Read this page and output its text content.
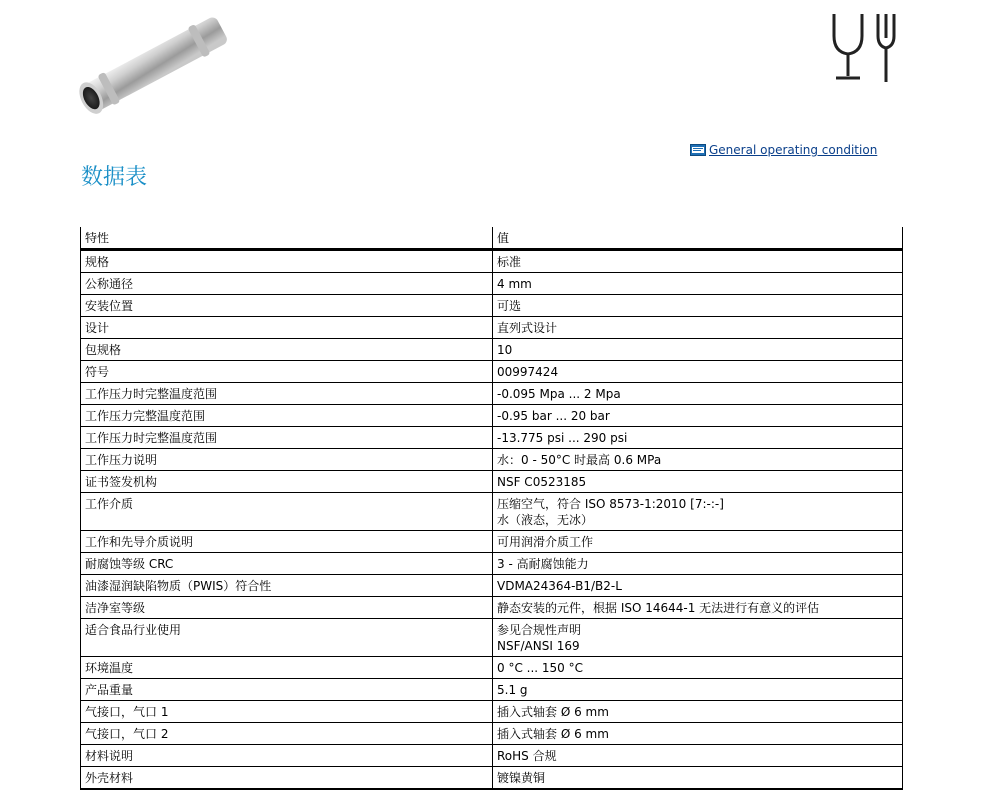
General operating condition
数据表
特性	值
规格	标准

公称通径	4 mm

安装位置	可选

设计	直列式设计

包规格	10

符号	00997424

工作压力时完整温度范围	-0.095 Mpa ... 2 Mpa

工作压力完整温度范围	-0.95 bar ... 20 bar

工作压力时完整温度范围	-13.775 psi ... 290 psi

工作压力说明	水：0 - 50°C 时最高 0.6 MPa

证书签发机构	NSF C0523185

工作介质	压缩空气，符合 ISO 8573-1:2010 [7:-:-]
水（液态，无冰）

工作和先导介质说明	可用润滑介质工作

耐腐蚀等级 CRC	3 - 高耐腐蚀能力

油漆湿润缺陷物质（PWIS）符合性	VDMA24364-B1/B2-L

洁净室等级	静态安装的元件，根据 ISO 14644-1 无法进行有意义的评估

适合食品行业使用	参见合规性声明
NSF/ANSI 169

环境温度	0 °C ... 150 °C

产品重量	5.1 g

气接口，气口 1	插入式轴套 Ø 6 mm

气接口，气口 2	插入式轴套 Ø 6 mm

材料说明	RoHS 合规

外壳材料	镀镍黄铜
